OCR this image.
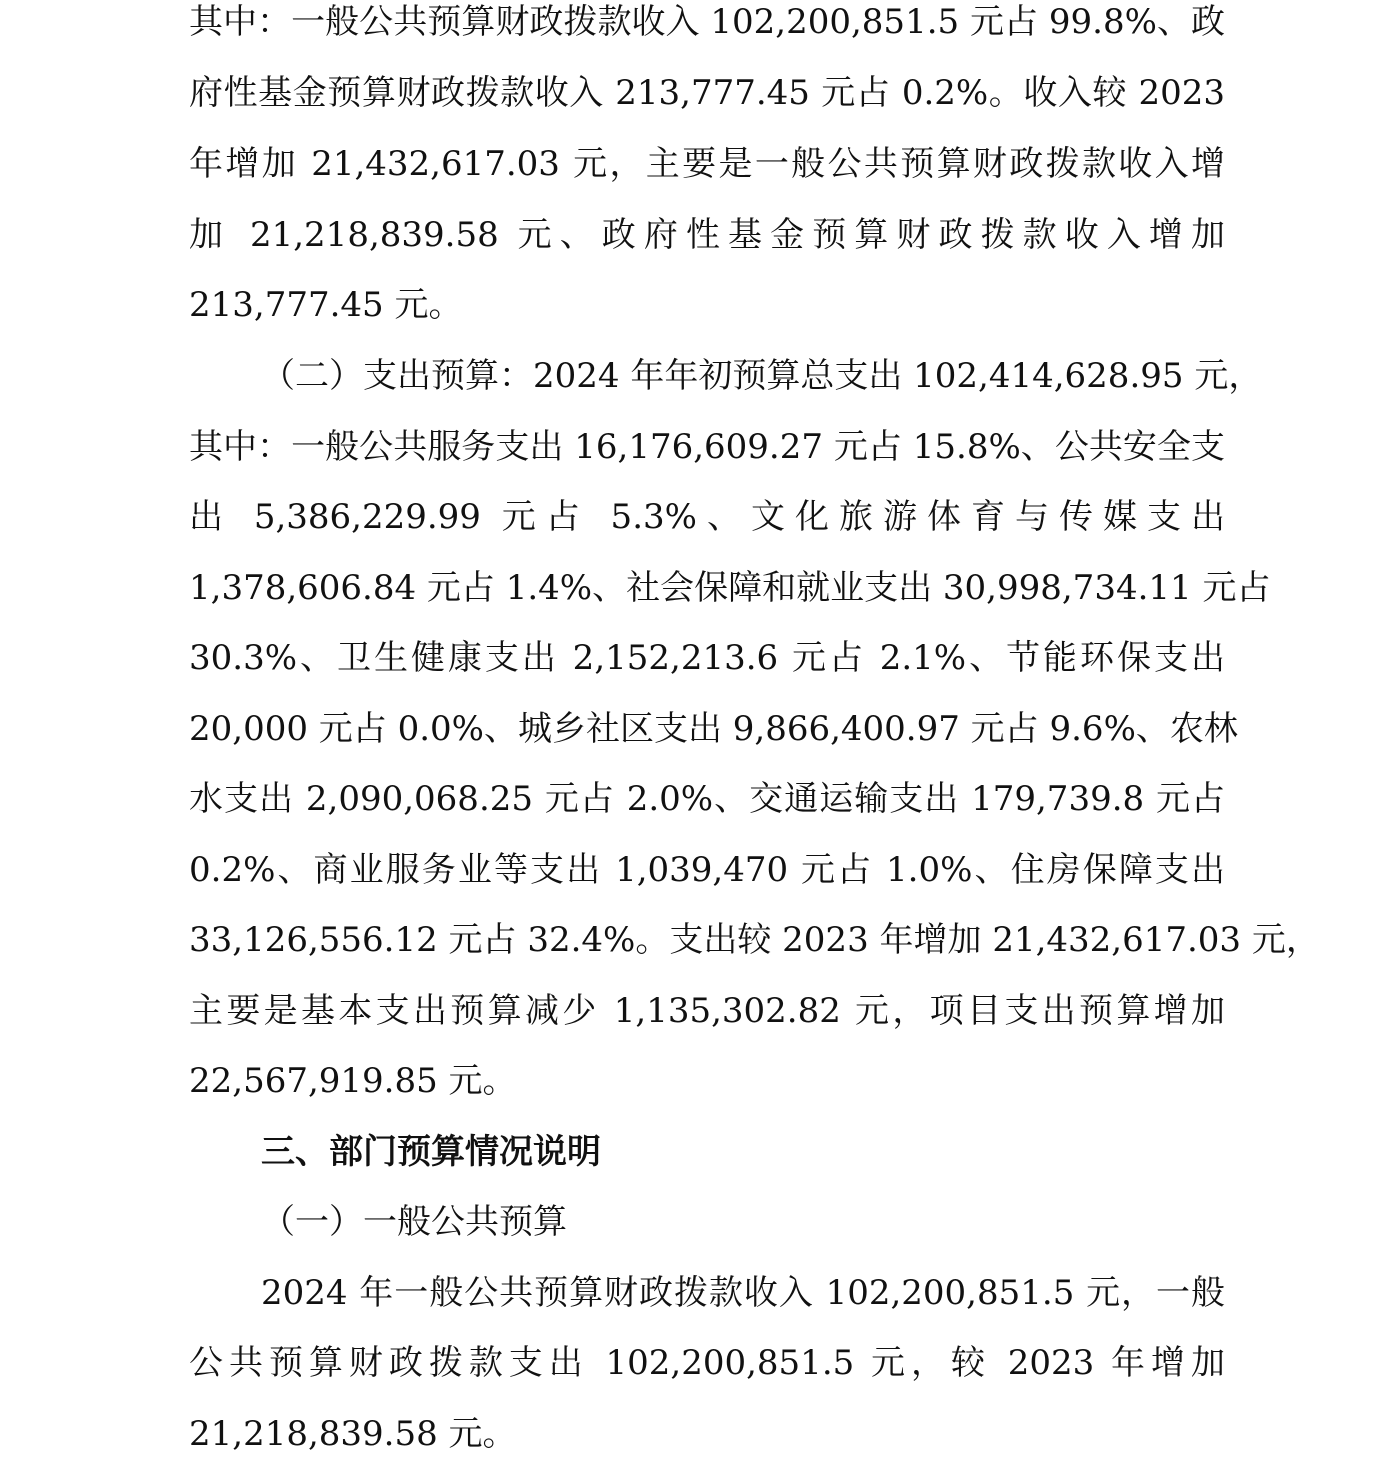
其中：一般公共预算财政拨款收入 102,200,851.5 元占 99.8%、政
府性基金预算财政拨款收入 213,777.45 元占 0.2%。收入较 2023
年增加 21,432,617.03 元，主要是一般公共预算财政拨款收入增
加 21,218,839.58 元、政府性基金预算财政拨款收入增加
213,777.45 元。
（二）支出预算：2024 年年初预算总支出 102,414,628.95 元，
其中：一般公共服务支出 16,176,609.27 元占 15.8%、公共安全支
出 5,386,229.99 元占 5.3%、文化旅游体育与传媒支出
1,378,606.84 元占 1.4%、社会保障和就业支出 30,998,734.11 元占
30.3%、卫生健康支出 2,152,213.6 元占 2.1%、节能环保支出
20,000 元占 0.0%、城乡社区支出 9,866,400.97 元占 9.6%、农林
水支出 2,090,068.25 元占 2.0%、交通运输支出 179,739.8 元占
0.2%、商业服务业等支出 1,039,470 元占 1.0%、住房保障支出
33,126,556.12 元占 32.4%。支出较 2023 年增加 21,432,617.03 元，
主要是基本支出预算减少 1,135,302.82 元，项目支出预算增加
22,567,919.85 元。
三、部门预算情况说明
（一）一般公共预算
2024 年一般公共预算财政拨款收入 102,200,851.5 元，一般
公共预算财政拨款支出 102,200,851.5 元，较 2023 年增加
21,218,839.58 元。
